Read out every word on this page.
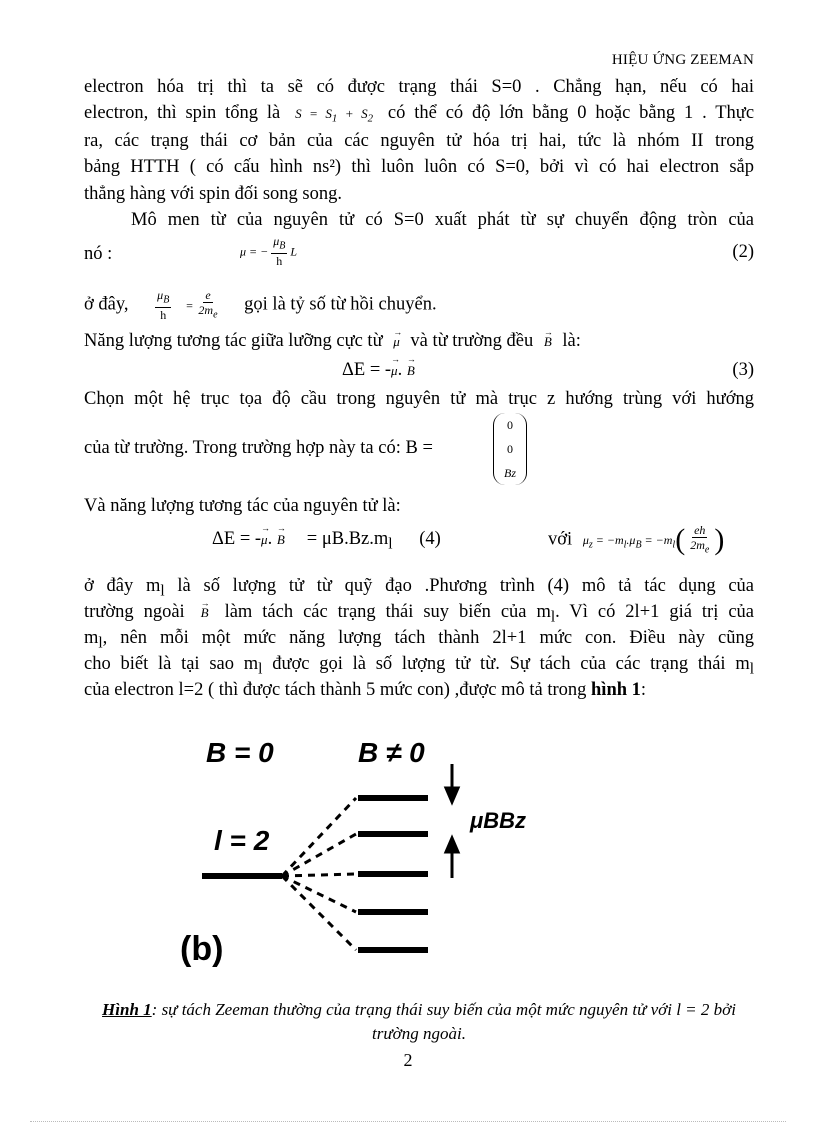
HIỆU ỨNG ZEEMAN
electron hóa trị thì ta sẽ có được trạng thái S=0 . Chẳng hạn, nếu có hai
electron, thì spin tổng là $S = S_1 + S_2$ có thể có độ lớn bằng 0 hoặc bằng 1 . Thực
ra, các trạng thái cơ bản của các nguyên tử hóa trị hai, tức là nhóm II trong
bảng HTTH ( có cấu hình ns²) thì luôn luôn có S=0, bởi vì có hai electron sắp
thẳng hàng với spin đối song song.
Mô men từ của nguyên tử có S=0 xuất phát từ sự chuyển động tròn của
nó :	μ = − $\frac{\mu_B}{h}$ L	(2)
ở đây, $\frac{\mu_B}{h} = \frac{e}{2m_e}$ gọi là tỷ số từ hồi chuyển.
Năng lượng tương tác giữa lưỡng cực từ → μ và từ trường đều → B là:
ΔE = -→ μ. → B	(3)
Chọn một hệ trục tọa độ cầu trong nguyên tử mà trục z hướng trùng với hướng
của từ trường. Trong trường hợp này ta có: B =
0
0
Bz
Và năng lượng tương tác của nguyên tử là:
ΔE = -→ μ. → $B = \mu B.Bz.m_l$ (4)	với $\mu_z = -m_l.\mu_B = -m_l( \frac{eh}{2m_e}$ )
ở đây $m_l$ là số lượng tử từ quỹ đạo .Phương trình (4) mô tả tác dụng của
trường ngoài → B làm tách các trạng thái suy biến của $m_l$. Vì có 2l+1 giá trị của
$m_l$, nên mỗi một mức năng lượng tách thành 2l+1 mức con. Điều này cũng
cho biết là tại sao $m_l$ được gọi là số lượng tử từ. Sự tách của các trạng thái $m_l$
của electron l=2 ( thì được tách thành 5 mức con) ,được mô tả trong hình 1:
B = 0	B ≠ 0
l = 2
μBBz
(b)
Hình 1: sự tách Zeeman thường của trạng thái suy biến của một mức nguyên tử với l = 2 bởi trường ngoài.
2
